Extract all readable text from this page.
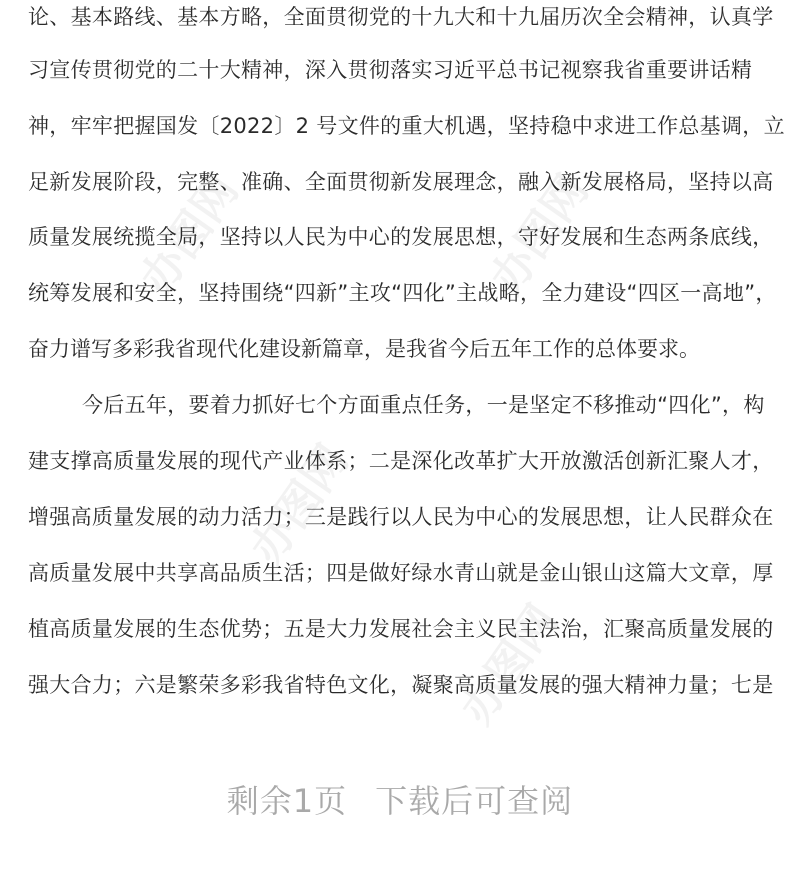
办图网	办图网
办图网
办图网
论、基本路线、基本方略，全面贯彻党的十九大和十九届历次全会精神，认真学
习宣传贯彻党的二十大精神，深入贯彻落实习近平总书记视察我省重要讲话精
神，牢牢把握国发〔2022〕2 号文件的重大机遇，坚持稳中求进工作总基调，立
足新发展阶段，完整、准确、全面贯彻新发展理念，融入新发展格局，坚持以高
质量发展统揽全局，坚持以人民为中心的发展思想，守好发展和生态两条底线，
统筹发展和安全，坚持围绕“四新”主攻“四化”主战略，全力建设“四区一高地”，
奋力谱写多彩我省现代化建设新篇章，是我省今后五年工作的总体要求。
今后五年，要着力抓好七个方面重点任务，一是坚定不移推动“四化”，构
建支撑高质量发展的现代产业体系；二是深化改革扩大开放激活创新汇聚人才，
增强高质量发展的动力活力；三是践行以人民为中心的发展思想，让人民群众在
高质量发展中共享高品质生活；四是做好绿水青山就是金山银山这篇大文章，厚
植高质量发展的生态优势；五是大力发展社会主义民主法治，汇聚高质量发展的
强大合力；六是繁荣多彩我省特色文化，凝聚高质量发展的强大精神力量；七是
剩余1页 下载后可查阅
